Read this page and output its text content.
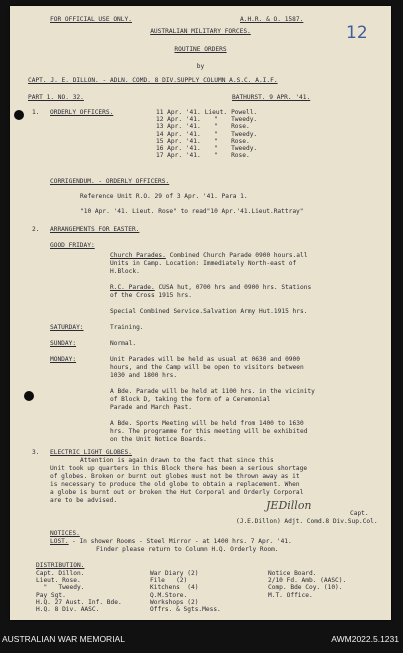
FOR OFFICIAL USE ONLY.	A.H.R. & O. 1587.
12
AUSTRALIAN MILITARY FORCES.
ROUTINE ORDERS
by
CAPT. J. E. DILLON. - ADLN. COMD. 8 DIV.SUPPLY COLUMN A.S.C. A.I.F.
PART 1. NO. 32.	BATHURST. 9 APR. '41.
1. ORDERLY OFFICERS.	11 Apr. '41.	Lieut.	Powell.
12 Apr. '41.	"	Tweedy.
13 Apr. '41.	"	Rose.
14 Apr. '41.	"	Tweedy.
15 Apr. '41.	"	Rose.
16 Apr. '41.	"	Tweedy.
17 Apr. '41.	"	Rose.
CORRIGENDUM. - ORDERLY OFFICERS.
Reference Unit R.O. 29 of 3 Apr. '41. Para 1.
"10 Apr. '41. Lieut. Rose" to read"10 Apr.'41.Lieut.Rattray"
2. ARRANGEMENTS FOR EASTER.
GOOD FRIDAY:
Church Parades. Combined Church Parade 0900 hours.all
Units in Camp. Location: Immediately North-east of
H.Block.
R.C. Parade. CUSA hut, 0700 hrs and 0900 hrs. Stations
of the Cross 1915 hrs.
Special Combined Service.Salvation Army Hut.1915 hrs.
SATURDAY:	Training.
SUNDAY:	Normal.
MONDAY:	Unit Parades will be held as usual at 0630 and 0900
hours, and the Camp will be open to visitors between
1030 and 1800 hrs.
A Bde. Parade will be held at 1100 hrs. in the vicinity
of Block D, taking the form of a Ceremonial
Parade and March Past.
A Bde. Sports Meeting will be held from 1400 to 1630
hrs. The programme for this meeting will be exhibited
on the Unit Notice Boards.
3. ELECTRIC LIGHT GLOBES.
Attention is again drawn to the fact that since this
Unit took up quarters in this Block there has been a serious shortage
of globes. Broken or burnt out globes must not be thrown away as it
is necessary to produce the old globe to obtain a replacement. When
a globe is burnt out or broken the Hut Corporal and Orderly Corporal
are to be advised.	JEDillon
Capt.
(J.E.Dillon) Adjt. Comd.8 Div.Sup.Col.
NOTICES.
LOST. - In shower Rooms - Steel Mirror - at 1400 hrs. 7 Apr. '41.
Finder please return to Column H.Q. Orderly Room.
DISTRIBUTION.
Capt. Dillon.
Lieut. Rose.
"   Tweedy.
Pay Sgt.
H.Q. 27 Aust. Inf. Bde.
H.Q. 8 Div. AASC.
War Diary (2)
File   (2)
Kitchens  (4)
Q.M.Store.
Workshops (2)
Offrs. & Sgts.Mess.
Notice Board.
2/10 Fd. Amb. (AASC).
Comp. Bde Coy. (10).
M.T. Office.
AUSTRALIAN WAR MEMORIAL	AWM2022.5.1231
